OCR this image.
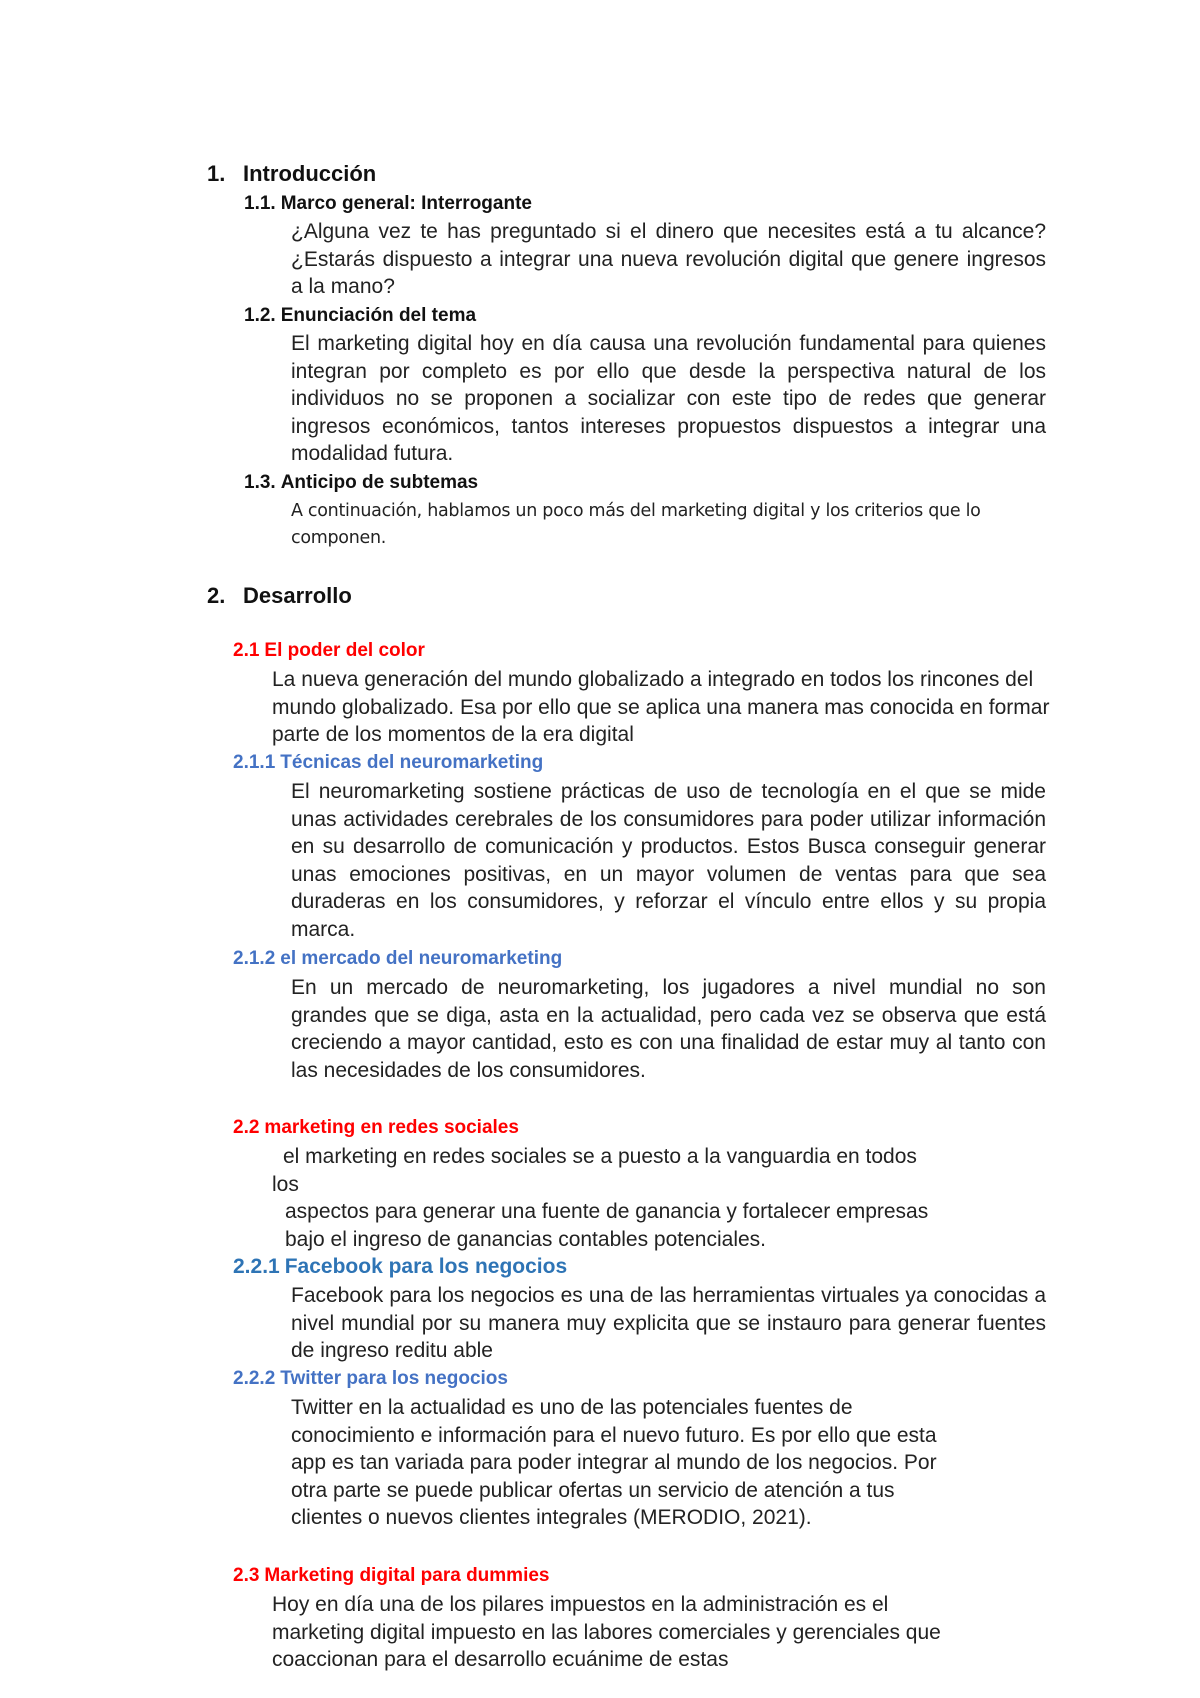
1. Introducción
1.1. Marco general: Interrogante

¿Alguna vez te has preguntado si el dinero que necesites está a tu alcance? ¿Estarás dispuesto a integrar una nueva revolución digital que genere ingresos a la mano?

1.2. Enunciación del tema

El marketing digital hoy en día causa una revolución fundamental para quienes integran por completo es por ello que desde la perspectiva natural de los individuos no se proponen a socializar con este tipo de redes que generar ingresos económicos, tantos intereses propuestos dispuestos a integrar una modalidad futura.

1.3. Anticipo de subtemas

A continuación, hablamos un poco más del marketing digital y los criterios que lo componen.

2. Desarrollo
2.1 El poder del color

La nueva generación del mundo globalizado a integrado en todos los rincones del mundo globalizado. Esa por ello que se aplica una manera mas conocida en formar parte de los momentos de la era digital

2.1.1 Técnicas del neuromarketing

El neuromarketing sostiene prácticas de uso de tecnología en el que se mide unas actividades cerebrales de los consumidores para poder utilizar información en su desarrollo de comunicación y productos. Estos Busca conseguir generar unas emociones positivas, en un mayor volumen de ventas para que sea duraderas en los consumidores, y reforzar el vínculo entre ellos y su propia marca.

2.1.2 el mercado del neuromarketing

En un mercado de neuromarketing, los jugadores a nivel mundial no son grandes que se diga, asta en la actualidad, pero cada vez se observa que está creciendo a mayor cantidad, esto es con una finalidad de estar muy al tanto con las necesidades de los consumidores.

2.2 marketing en redes sociales
el marketing en redes sociales se a puesto a la vanguardia en todos
los
aspectos para generar una fuente de ganancia y fortalecer empresas
bajo el ingreso de ganancias contables potenciales.
2.2.1 Facebook para los negocios

Facebook para los negocios es una de las herramientas virtuales ya conocidas a nivel mundial por su manera muy explicita que se instauro para generar fuentes de ingreso reditu able

2.2.2 Twitter para los negocios
Twitter en la actualidad es uno de las potenciales fuentes de
conocimiento e información para el nuevo futuro. Es por ello que esta
app es tan variada para poder integrar al mundo de los negocios. Por
otra parte se puede publicar ofertas un servicio de atención a tus
clientes o nuevos clientes integrales (MERODIO, 2021).
2.3 Marketing digital para dummies
Hoy en día una de los pilares impuestos en la administración es el
marketing digital impuesto en las labores comerciales y gerenciales que
coaccionan para el desarrollo ecuánime de estas
